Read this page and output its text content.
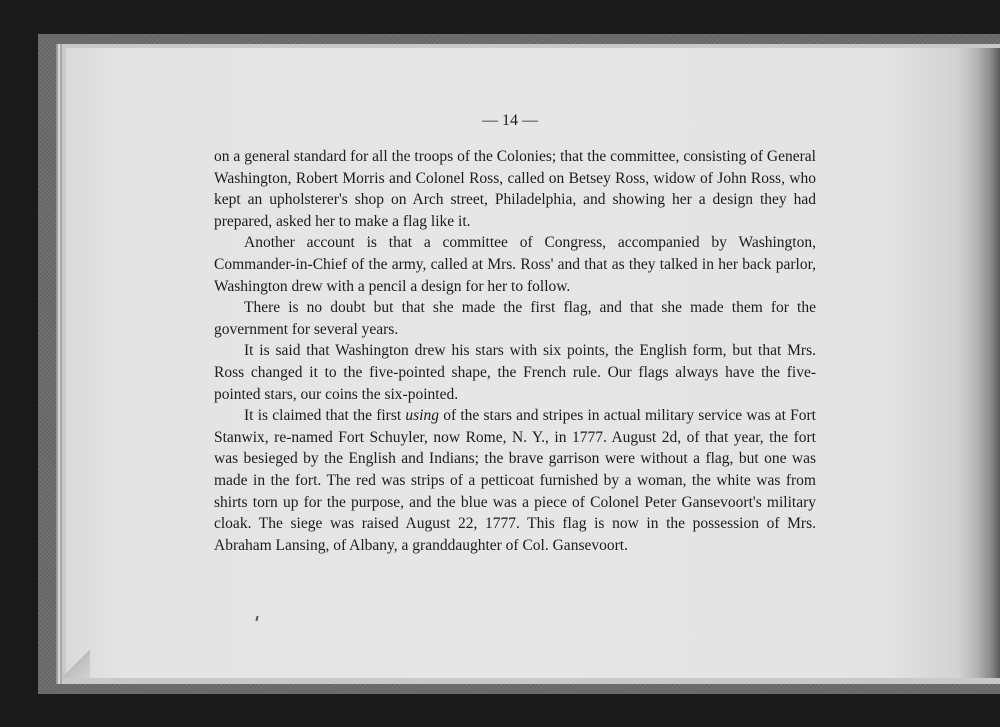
— 14 —

on a general standard for all the troops of the Colonies; that the committee, consisting of General Washington, Robert Morris and Colonel Ross, called on Betsey Ross, widow of John Ross, who kept an upholsterer's shop on Arch street, Philadelphia, and showing her a design they had prepared, asked her to make a flag like it.

Another account is that a committee of Congress, accompanied by Washington, Commander-in-Chief of the army, called at Mrs. Ross' and that as they talked in her back parlor, Washington drew with a pencil a design for her to follow.

There is no doubt but that she made the first flag, and that she made them for the government for several years.

It is said that Washington drew his stars with six points, the English form, but that Mrs. Ross changed it to the five-pointed shape, the French rule. Our flags always have the five-pointed stars, our coins the six-pointed.

It is claimed that the first using of the stars and stripes in actual military service was at Fort Stanwix, re-named Fort Schuyler, now Rome, N. Y., in 1777. August 2d, of that year, the fort was besieged by the English and Indians; the brave garrison were without a flag, but one was made in the fort. The red was strips of a petticoat furnished by a woman, the white was from shirts torn up for the purpose, and the blue was a piece of Colonel Peter Gansevoort's military cloak. The siege was raised August 22, 1777. This flag is now in the possession of Mrs. Abraham Lansing, of Albany, a granddaughter of Col. Gansevoort.
